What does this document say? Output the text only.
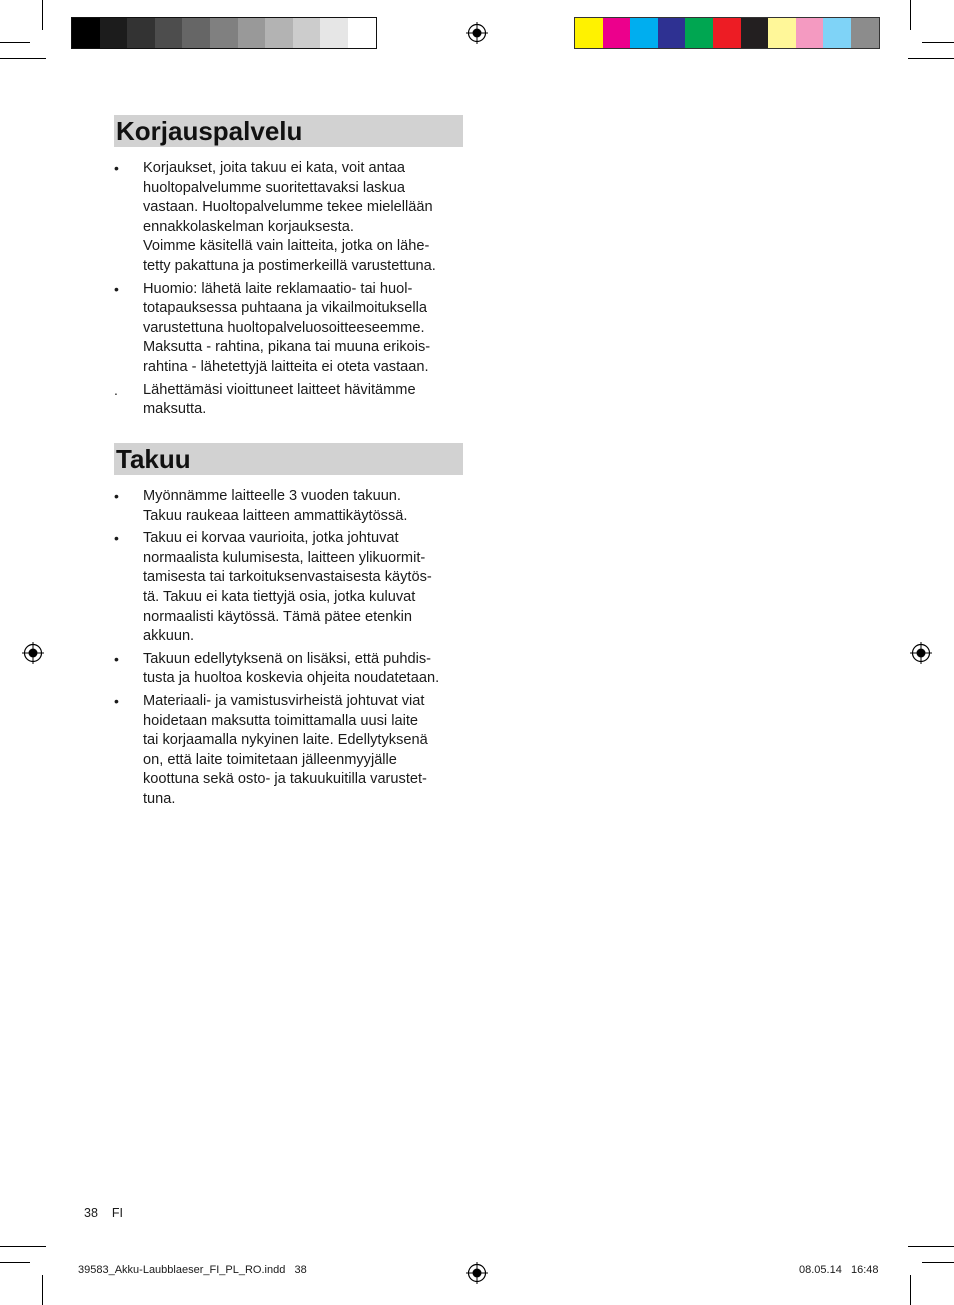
Korjauspalvelu
•	Korjaukset, joita takuu ei kata, voit antaa

huoltopalvelumme suoritettavaksi laskua

vastaan. Huoltopalvelumme tekee mielellään

ennakkolaskelman korjauksesta.

Voimme käsitellä vain laitteita, jotka on lähe-

tetty pakattuna ja postimerkeillä varustettuna.

•	Huomio: lähetä laite reklamaatio- tai huol-

totapauksessa puhtaana ja vikailmoituksella

varustettuna huoltopalveluosoitteeseemme.

Maksutta - rahtina, pikana tai muuna erikois-

rahtina - lähetettyjä laitteita ei oteta vastaan.

.	Lähettämäsi vioittuneet laitteet hävitämme

maksutta.

Takuu
•	Myönnämme laitteelle 3 vuoden takuun.

Takuu raukeaa laitteen ammattikäytössä.

•	Takuu ei korvaa vaurioita, jotka johtuvat

normaalista kulumisesta, laitteen ylikuormit-

tamisesta tai tarkoituksenvastaisesta käytös-

tä. Takuu ei kata tiettyjä osia, jotka kuluvat

normaalisti käytössä. Tämä pätee etenkin

akkuun.

•	Takuun edellytyksenä on lisäksi, että puhdis-

tusta ja huoltoa koskevia ohjeita noudatetaan.

•	Materiaali- ja vamistusvirheistä johtuvat viat

hoidetaan maksutta toimittamalla uusi laite

tai korjaamalla nykyinen laite. Edellytyksenä

on, että laite toimitetaan jälleenmyyjälle

koottuna sekä osto- ja takuukuitilla varustet-

tuna.

38 FI
39583_Akku-Laubblaeser_FI_PL_RO.indd   38	08.05.14   16:48
